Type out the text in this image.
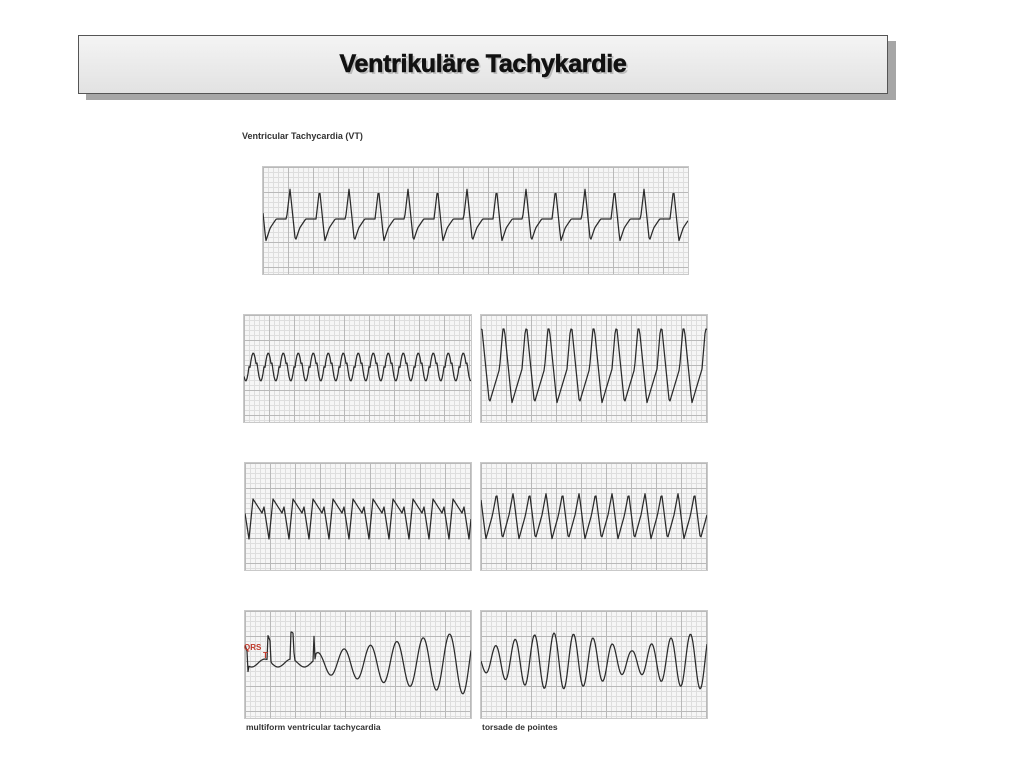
Ventrikuläre Tachykardie
Ventricular Tachycardia (VT)
QRS
T
multiform ventricular tachycardia	torsade de pointes
